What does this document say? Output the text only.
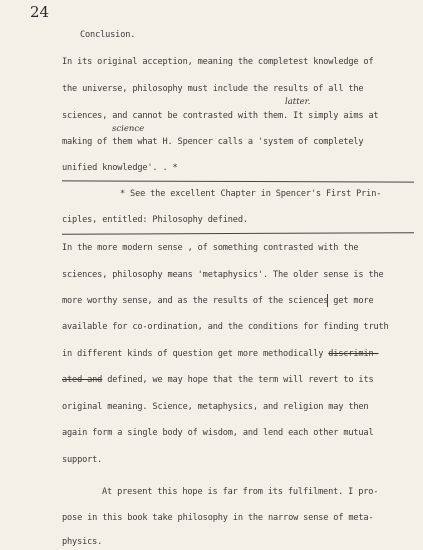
24
Conclusion.
In its original acception, meaning the completest knowledge of
the universe, philosophy must include the results of all the
latter.
sciences, and cannot be contrasted with them. It simply aims at
science
making of them what H. Spencer calls a 'system of completely
unified knowledge'. . *
* See the excellent Chapter in Spencer's First Prin-
ciples, entitled: Philosophy defined.
In the more modern sense , of something contrasted with the
sciences, philosophy means 'metaphysics'. The older sense is the
more worthy sense, and as the results of the sciences get more
available for co-ordination, and the conditions for finding truth
in different kinds of question get more methodically discrimin-
ated and defined, we may hope that the term will revert to its
original meaning. Science, metaphysics, and religion may then
again form a single body of wisdom, and lend each other mutual
support.
At present this hope is far from its fulfilment. I pro-
pose in this book take philosophy in the narrow sense of meta-
physics.
